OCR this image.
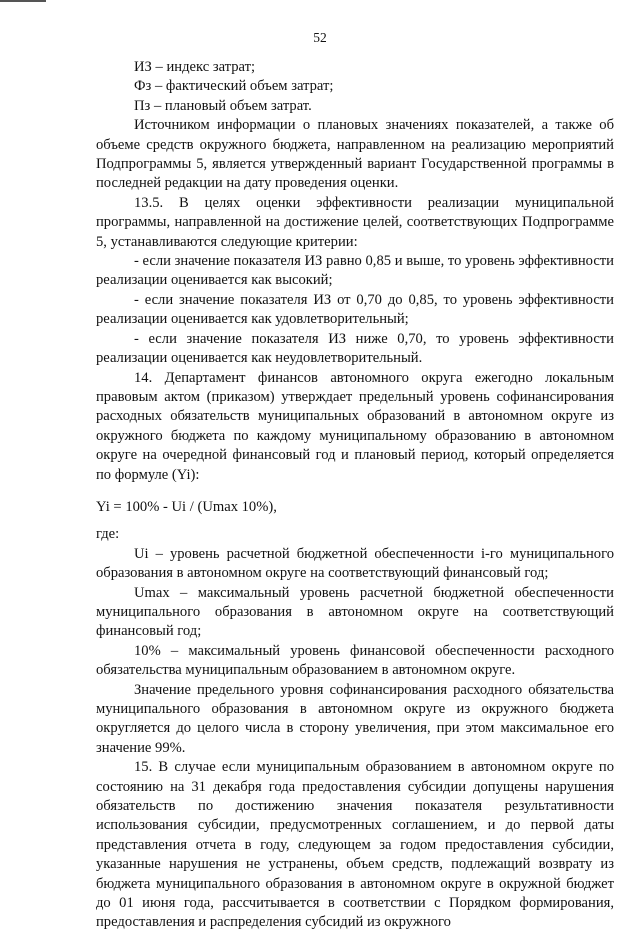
52

ИЗ – индекс затрат;

Фз – фактический объем затрат;

Пз – плановый объем затрат.

Источником информации о плановых значениях показателей, а также об объеме средств окружного бюджета, направленном на реализацию мероприятий Подпрограммы 5, является утвержденный вариант Государственной программы в последней редакции на дату проведения оценки.

13.5. В целях оценки эффективности реализации муниципальной программы, направленной на достижение целей, соответствующих Подпрограмме 5, устанавливаются следующие критерии:

- если значение показателя ИЗ равно 0,85 и выше, то уровень эффективности реализации оценивается как высокий;

- если значение показателя ИЗ от 0,70 до 0,85, то уровень эффективности реализации оценивается как удовлетворительный;

- если значение показателя ИЗ ниже 0,70, то уровень эффективности реализации оценивается как неудовлетворительный.

14. Департамент финансов автономного округа ежегодно локальным правовым актом (приказом) утверждает предельный уровень софинансирования расходных обязательств муниципальных образований в автономном округе из окружного бюджета по каждому муниципальному образованию в автономном округе на очередной финансовый год и плановый период, который определяется по формуле (Yi):

Yi = 100% - Ui / (Umax 10%),

где:

Ui – уровень расчетной бюджетной обеспеченности i-го муниципального образования в автономном округе на соответствующий финансовый год;

Umax – максимальный уровень расчетной бюджетной обеспеченности муниципального образования в автономном округе на соответствующий финансовый год;

10% – максимальный уровень финансовой обеспеченности расходного обязательства муниципальным образованием в автономном округе.

Значение предельного уровня софинансирования расходного обязательства муниципального образования в автономном округе из окружного бюджета округляется до целого числа в сторону увеличения, при этом максимальное его значение 99%.

15. В случае если муниципальным образованием в автономном округе по состоянию на 31 декабря года предоставления субсидии допущены нарушения обязательств по достижению значения показателя результативности использования субсидии, предусмотренных соглашением, и до первой даты представления отчета в году, следующем за годом предоставления субсидии, указанные нарушения не устранены, объем средств, подлежащий возврату из бюджета муниципального образования в автономном округе в окружной бюджет до 01 июня года, рассчитывается в соответствии с Порядком формирования, предоставления и распределения субсидий из окружного
